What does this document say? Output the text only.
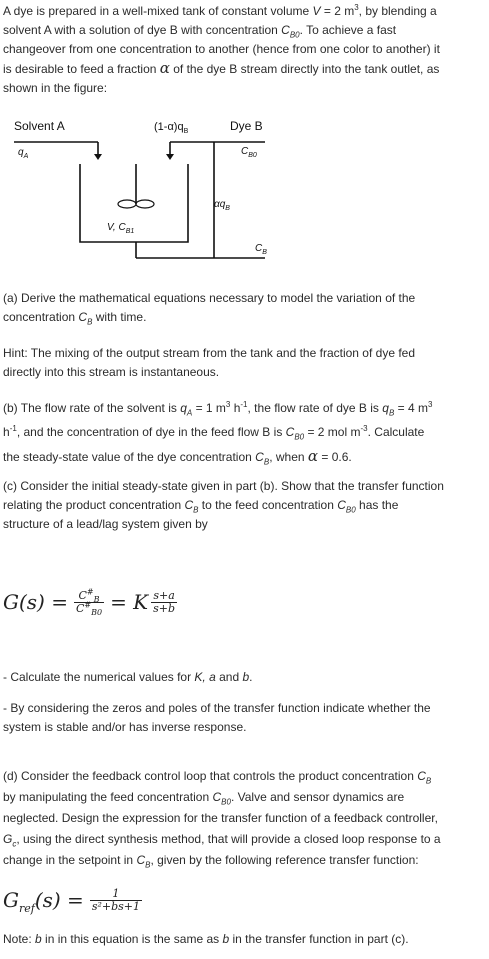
A dye is prepared in a well-mixed tank of constant volume V = 2 $m^3$, by blending a
solvent A with a solution of dye B with concentration $C_{B0}$. To achieve a fast
changeover from one concentration to another (hence from one color to another) it
is desirable to feed a fraction α of the dye B stream directly into the tank outlet, as
shown in the figure:
Solvent A
$q_A$
$(1-\alpha)q_B$	Dye B
$C_{B0}$
$\alpha q_B$
V, $C_{B1}$
$C_B$
(a) Derive the mathematical equations necessary to model the variation of the
concentration $C_B$ with time.
Hint: The mixing of the output stream from the tank and the fraction of dye fed
directly into this stream is instantaneous.
(b) The flow rate of the solvent is $q_A = 1$ $m^3$ $h^{-1}$, the flow rate of dye B is $q_B = 4$ $m^3$
$h^{-1}$, and the concentration of dye in the feed flow B is $C_{B0} = 2$ mol $m^{-3}$. Calculate
the steady-state value of the dye concentration $C_B$, when α = 0.6.
(c) Consider the initial steady-state given in part (b). Show that the transfer function
relating the product concentration $C_B$ to the feed concentration $C_{B0}$ has the
structure of a lead/lag system given by
$G(s) = \frac{C^{\#}_B}{C^{\#}_{B0}} = K \frac{s+a}{s+b}$
- Calculate the numerical values for K, a and b.
- By considering the zeros and poles of the transfer function indicate whether the
system is stable and/or has inverse response.
(d) Consider the feedback control loop that controls the product concentration $C_B$
by manipulating the feed concentration $C_{B0}$. Valve and sensor dynamics are
neglected. Design the expression for the transfer function of a feedback controller,
$G_c$, using the direct synthesis method, that will provide a closed loop response to a
change in the setpoint in $C_B$, given by the following reference transfer function:
$G_{ref}(s) = \frac{1}{\text{s²+bs+1}}$
Note: b in in this equation is the same as b in the transfer function in part (c).
